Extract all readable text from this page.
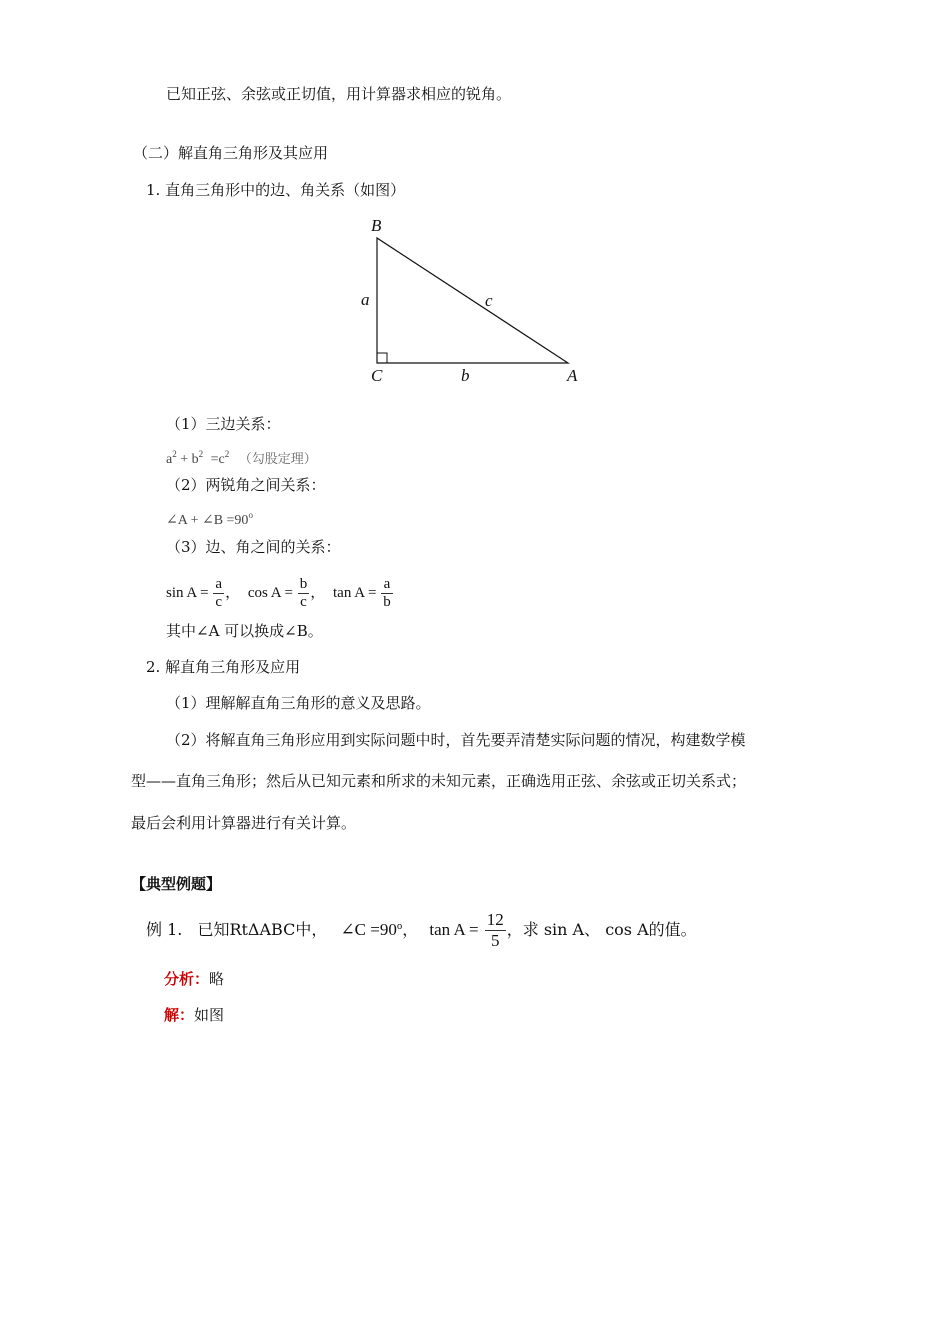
已知正弦、余弦或正切值，用计算器求相应的锐角。
（二）解直角三角形及其应用
1. 直角三角形中的边、角关系（如图）
B
a	c
C	b	A
（1）三边关系：
$a^2 + b^2 =c^2$ （勾股定理）
（2）两锐角之间关系：
∠A + ∠B $=90^o$
（3）边、角之间的关系：
$\sin A = \frac{a}{c}$ ， $\cos A = \frac{b}{c}$ ， $\tan A = \frac{a}{b}$
其中∠A 可以换成∠B。
2. 解直角三角形及应用
（1）理解解直角三角形的意义及思路。
（2）将解直角三角形应用到实际问题中时，首先要弄清楚实际问题的情况，构建数学模
型——直角三角形；然后从已知元素和所求的未知元素，正确选用正弦、余弦或正切关系式；
最后会利用计算器进行有关计算。
【典型例题】
例 1. 已知RtΔABC中， ∠C $=90^o$， $\tan A = \frac{12}{5}$ ，求 sin A、 cos A的值。
分析：略
解：如图
